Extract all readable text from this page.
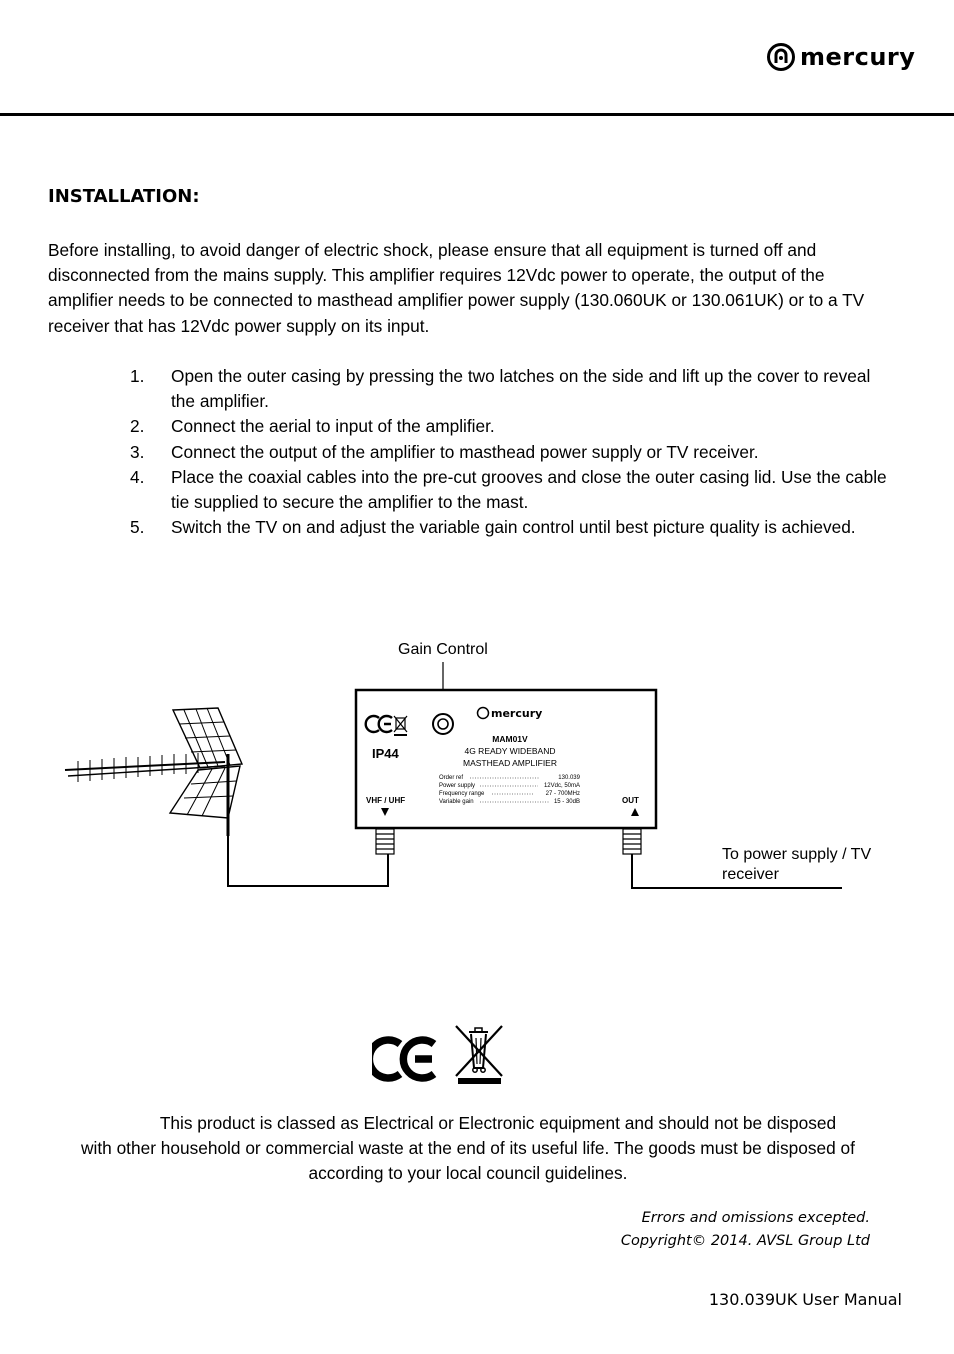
mercury
INSTALLATION:

Before installing, to avoid danger of electric shock, please ensure that all equipment is turned off and disconnected from the mains supply. This amplifier requires 12Vdc power to operate, the output of the amplifier needs to be connected to masthead amplifier power supply (130.060UK or 130.061UK) or to a TV receiver that has 12Vdc power supply on its input.

1.	Open the outer casing by pressing the two latches on the side and lift up the cover to reveal the amplifier.
2.	Connect the aerial to input of the amplifier.
3.	Connect the output of the amplifier to masthead power supply or TV receiver.
4.	Place the coaxial cables into the pre-cut grooves and close the outer casing lid. Use the cable tie supplied to secure the amplifier to the mast.
5.	Switch the TV on and adjust the variable gain control until best picture quality is achieved.
Gain Control
IP44
mercury
MAM01V
4G READY WIDEBAND
MASTHEAD AMPLIFIER
Order ref	130.039
Power supply	12Vdc, 50mA
Frequency range	27 - 700MHz
Variable gain	15 - 30dB
VHF / UHF	OUT
To power supply / TV
receiver

This product is classed as Electrical or Electronic equipment and should not be disposed
with other household or commercial waste at the end of its useful life. The goods must be disposed of
according to your local council guidelines.

Errors and omissions excepted.

Copyright© 2014. AVSL Group Ltd

130.039UK User Manual
